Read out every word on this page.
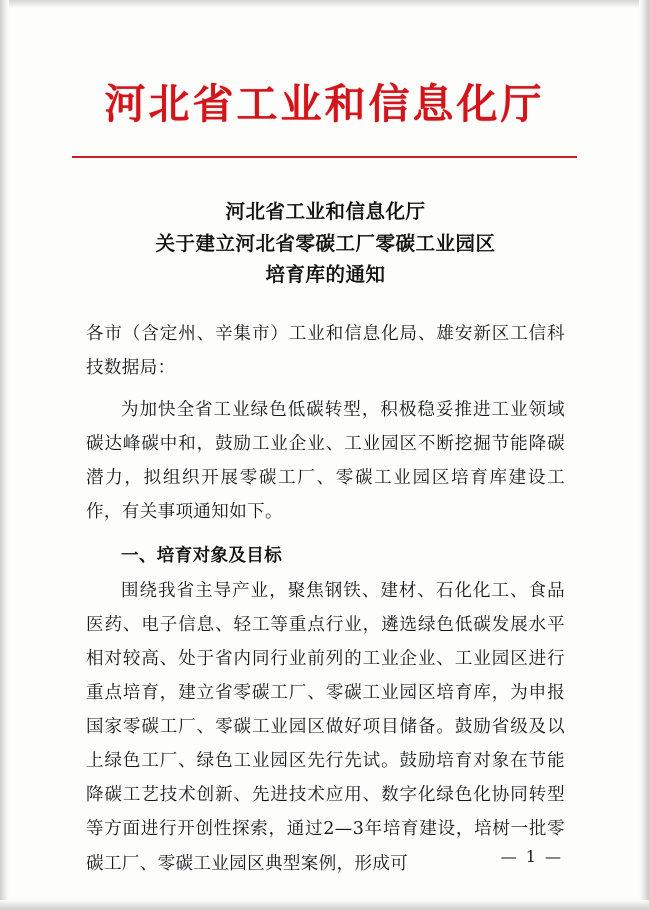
河北省工业和信息化厅
河北省工业和信息化厅
关于建立河北省零碳工厂零碳工业园区
培育库的通知
各市（含定州、辛集市）工业和信息化局、雄安新区工信科技数据局：
为加快全省工业绿色低碳转型，积极稳妥推进工业领域碳达峰碳中和，鼓励工业企业、工业园区不断挖掘节能降碳潜力，拟组织开展零碳工厂、零碳工业园区培育库建设工作，有关事项通知如下。
一、培育对象及目标
围绕我省主导产业，聚焦钢铁、建材、石化化工、食品医药、电子信息、轻工等重点行业，遴选绿色低碳发展水平相对较高、处于省内同行业前列的工业企业、工业园区进行重点培育，建立省零碳工厂、零碳工业园区培育库，为申报国家零碳工厂、零碳工业园区做好项目储备。鼓励省级及以上绿色工厂、绿色工业园区先行先试。鼓励培育对象在节能降碳工艺技术创新、先进技术应用、数字化绿色化协同转型等方面进行开创性探索，通过2—3年培育建设，培树一批零碳工厂、零碳工业园区典型案例，形成可	— 1 —
